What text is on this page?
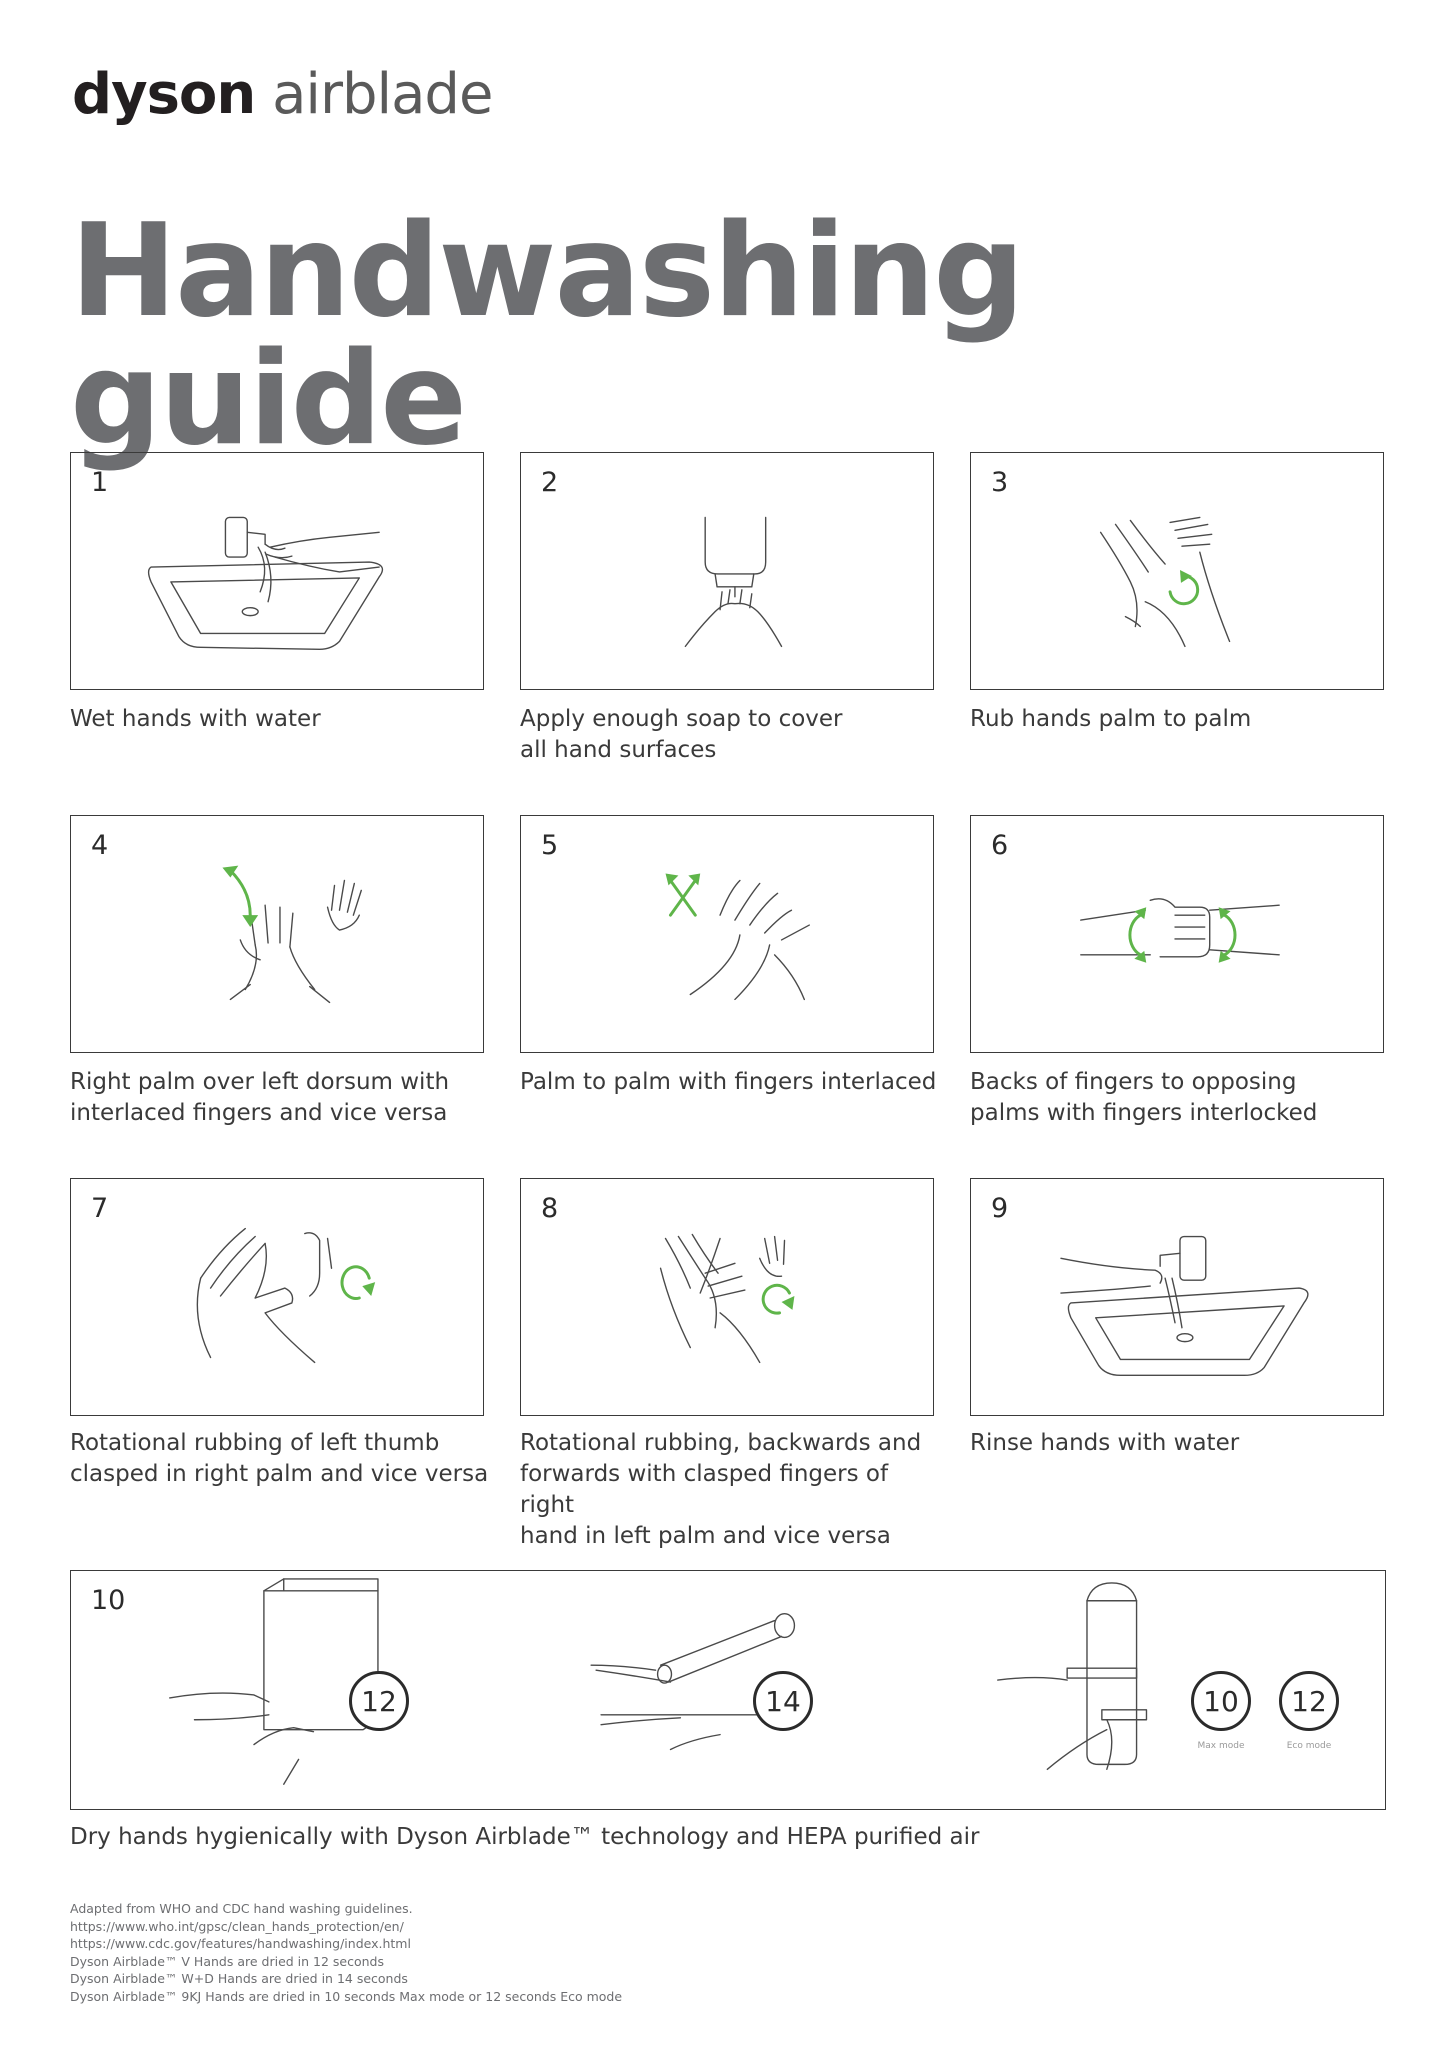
dyson airblade
Handwashing guide
1
Wet hands with water
2
Apply enough soap to cover
all hand surfaces
3
Rub hands palm to palm
4
Right palm over left dorsum with
interlaced fingers and vice versa
5
Palm to palm with fingers interlaced
6
Backs of fingers to opposing
palms with fingers interlocked
7
Rotational rubbing of left thumb
clasped in right palm and vice versa
8
Rotational rubbing, backwards and
forwards with clasped fingers of right
hand in left palm and vice versa
9
Rinse hands with water
10
12	14	10	12
Max mode	Eco mode
Dry hands hygienically with Dyson Airblade™ technology and HEPA purified air
Adapted from WHO and CDC hand washing guidelines.
https://www.who.int/gpsc/clean_hands_protection/en/
https://www.cdc.gov/features/handwashing/index.html
Dyson Airblade™ V Hands are dried in 12 seconds
Dyson Airblade™ W+D Hands are dried in 14 seconds
Dyson Airblade™ 9KJ Hands are dried in 10 seconds Max mode or 12 seconds Eco mode
